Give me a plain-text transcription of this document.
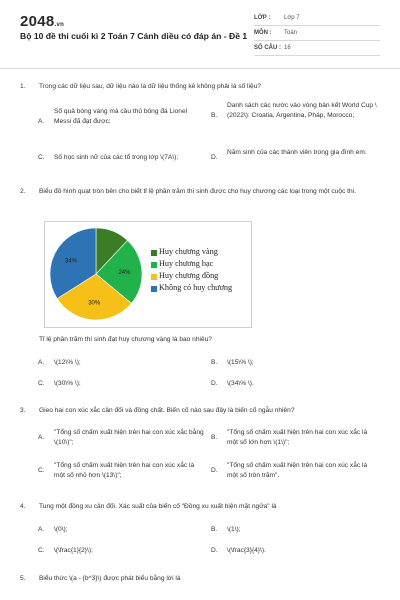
2048.vn
Bộ 10 đề thi cuối kì 2 Toán 7 Cánh diều có đáp án - Đề 1
LỚP : Lớp 7
MÔN : Toán
SỐ CÂU : 16
1.	Trong các dữ liệu sau, dữ liệu nào là dữ liệu thống kê không phải là số liệu?
A.
Số quả bóng vàng mà cầu thủ bóng đá Lionel Messi đã đạt được;
B.
Danh sách các nước vào vòng bán kết World Cup \(2022\): Croatia, Argentina, Pháp, Morocco;
C. Số học sinh nữ của các tổ trong lớp \(7A\);	D.
Năm sinh của các thành viên trong gia đình em.
2.	Biểu đồ hình quạt tròn bên cho biết tỉ lệ phần trăm thí sinh được cho huy chương các loại trong một cuộc thi.
24%
30%
34%
Huy chương vàng
Huy chương bạc
Huy chương đồng
Không có huy chương
Tỉ lệ phần trăm thí sinh đạt huy chương vàng là bao nhiêu?
A. \(12\% \);	B. \(15\% \);
C. \(30\% \);	D. \(34\% \).
3.	Gieo hai con xúc xắc cân đối và đồng chất. Biến cố nào sau đây là biến cố ngẫu nhiên?
A.
"Tổng số chấm xuất hiện trên hai con xúc xắc bằng \(10\)";
B.
"Tổng số chấm xuất hiện trên hai con xúc xắc là một số lớn hơn \(1\)";
C.
"Tổng số chấm xuất hiện trên hai con xúc xắc là một số nhỏ hơn \(13\)";
D.
"Tổng số chấm xuất hiện trên hai con xúc xắc là một số tròn trăm".
4.	Tung một đồng xu cân đối. Xác suất của biến cố "Đồng xu xuất hiện mặt ngửa" là
A. \(0\);	B. \(1\);
C. \(\frac{1}{2}\);	D. \(\frac{3}{4}\).
5.	Biểu thức \(a - {b^3}\) được phát biểu bằng lời là
